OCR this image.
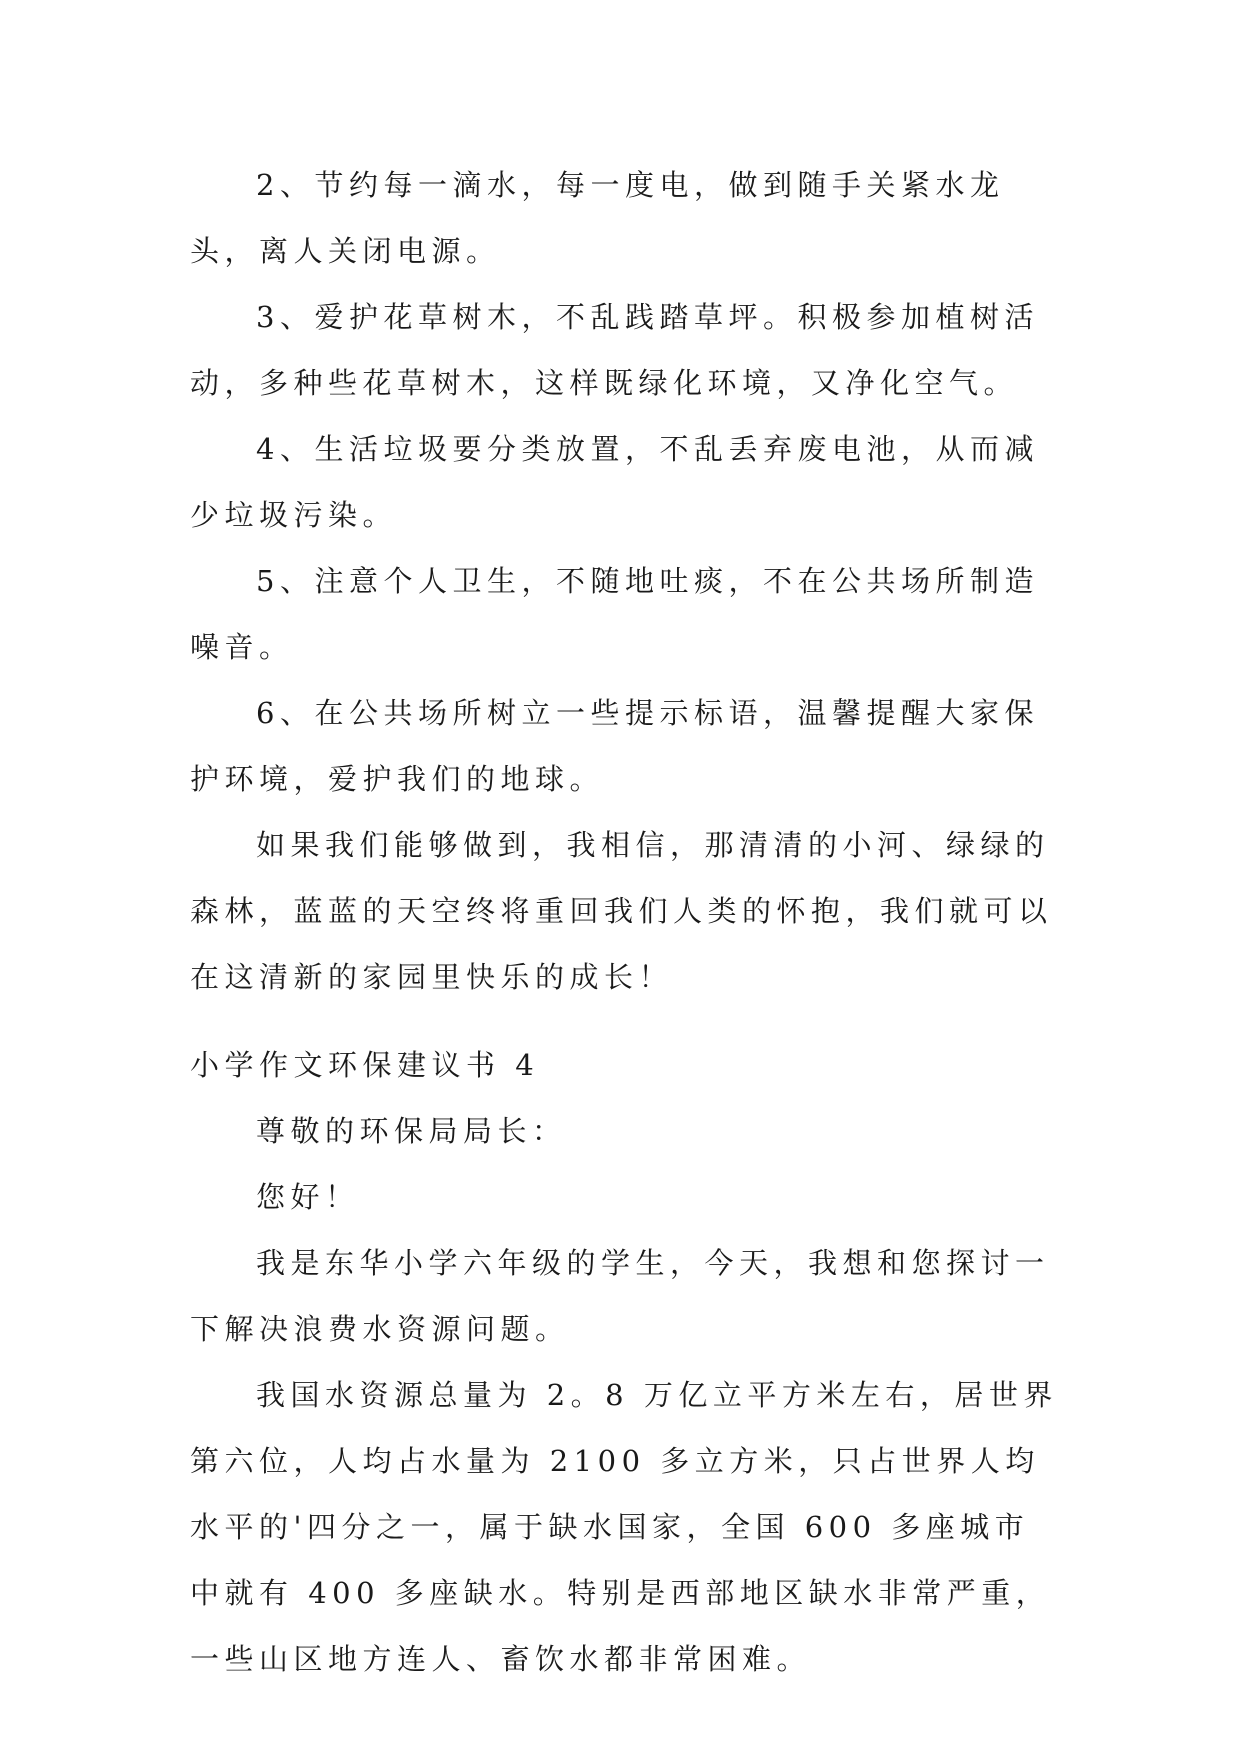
2、节约每一滴水，每一度电，做到随手关紧水龙头，离人关闭电源。

3、爱护花草树木，不乱践踏草坪。积极参加植树活动，多种些花草树木，这样既绿化环境，又净化空气。

4、生活垃圾要分类放置，不乱丢弃废电池，从而减少垃圾污染。

5、注意个人卫生，不随地吐痰，不在公共场所制造噪音。

6、在公共场所树立一些提示标语，温馨提醒大家保护环境，爱护我们的地球。

如果我们能够做到，我相信，那清清的小河、绿绿的森林，蓝蓝的天空终将重回我们人类的怀抱，我们就可以在这清新的家园里快乐的成长！

小学作文环保建议书 4

尊敬的环保局局长：

您好！

我是东华小学六年级的学生，今天，我想和您探讨一下解决浪费水资源问题。

我国水资源总量为 2。8 万亿立平方米左右，居世界第六位，人均占水量为 2100 多立方米，只占世界人均水平的'四分之一，属于缺水国家，全国 600 多座城市中就有 400 多座缺水。特别是西部地区缺水非常严重，一些山区地方连人、畜饮水都非常困难。
